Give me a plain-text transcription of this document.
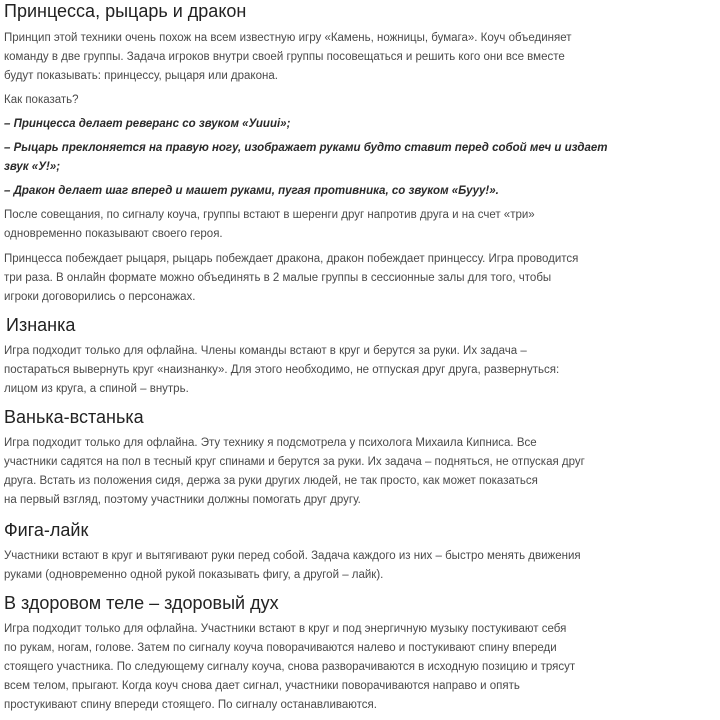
Принцесса, рыцарь и дракон

Принцип этой техники очень похож на всем известную игру «Камень, ножницы, бумага». Коуч объединяет
команду в две группы. Задача игроков внутри своей группы посовещаться и решить кого они все вместе
будут показывать: принцессу, рыцаря или дракона.

Как показать?

– Принцесса делает реверанс со звуком «Уиииi»;

– Рыцарь преклоняется на правую ногу, изображает руками будто ставит перед собой меч и издает
звук «У!»;

– Дракон делает шаг вперед и машет руками, пугая противника, со звуком «Бууу!».

После совещания, по сигналу коуча, группы встают в шеренги друг напротив друга и на счет «три»
одновременно показывают своего героя.

Принцесса побеждает рыцаря, рыцарь побеждает дракона, дракон побеждает принцессу. Игра проводится
три раза. В онлайн формате можно объединять в 2 малые группы в сессионные залы для того, чтобы
игроки договорились о персонажах.

Изнанка

Игра подходит только для офлайна. Члены команды встают в круг и берутся за руки. Их задача –
постараться вывернуть круг «наизнанку». Для этого необходимо, не отпуская друг друга, развернуться:
лицом из круга, а спиной – внутрь.

Ванька-встанька

Игра подходит только для офлайна. Эту технику я подсмотрела у психолога Михаила Кипниса. Все
участники садятся на пол в тесный круг спинами и берутся за руки. Их задача – подняться, не отпуская друг
друга. Встать из положения сидя, держа за руки других людей, не так просто, как может показаться
на первый взгляд, поэтому участники должны помогать друг другу.

Фига-лайк

Участники встают в круг и вытягивают руки перед собой. Задача каждого из них – быстро менять движения
руками (одновременно одной рукой показывать фигу, а другой – лайк).

В здоровом теле – здоровый дух

Игра подходит только для офлайна. Участники встают в круг и под энергичную музыку постукивают себя
по рукам, ногам, голове. Затем по сигналу коуча поворачиваются налево и постукивают спину впереди
стоящего участника. По следующему сигналу коуча, снова разворачиваются в исходную позицию и трясут
всем телом, прыгают. Когда коуч снова дает сигнал, участники поворачиваются направо и опять
простукивают спину впереди стоящего. По сигналу останавливаются.
